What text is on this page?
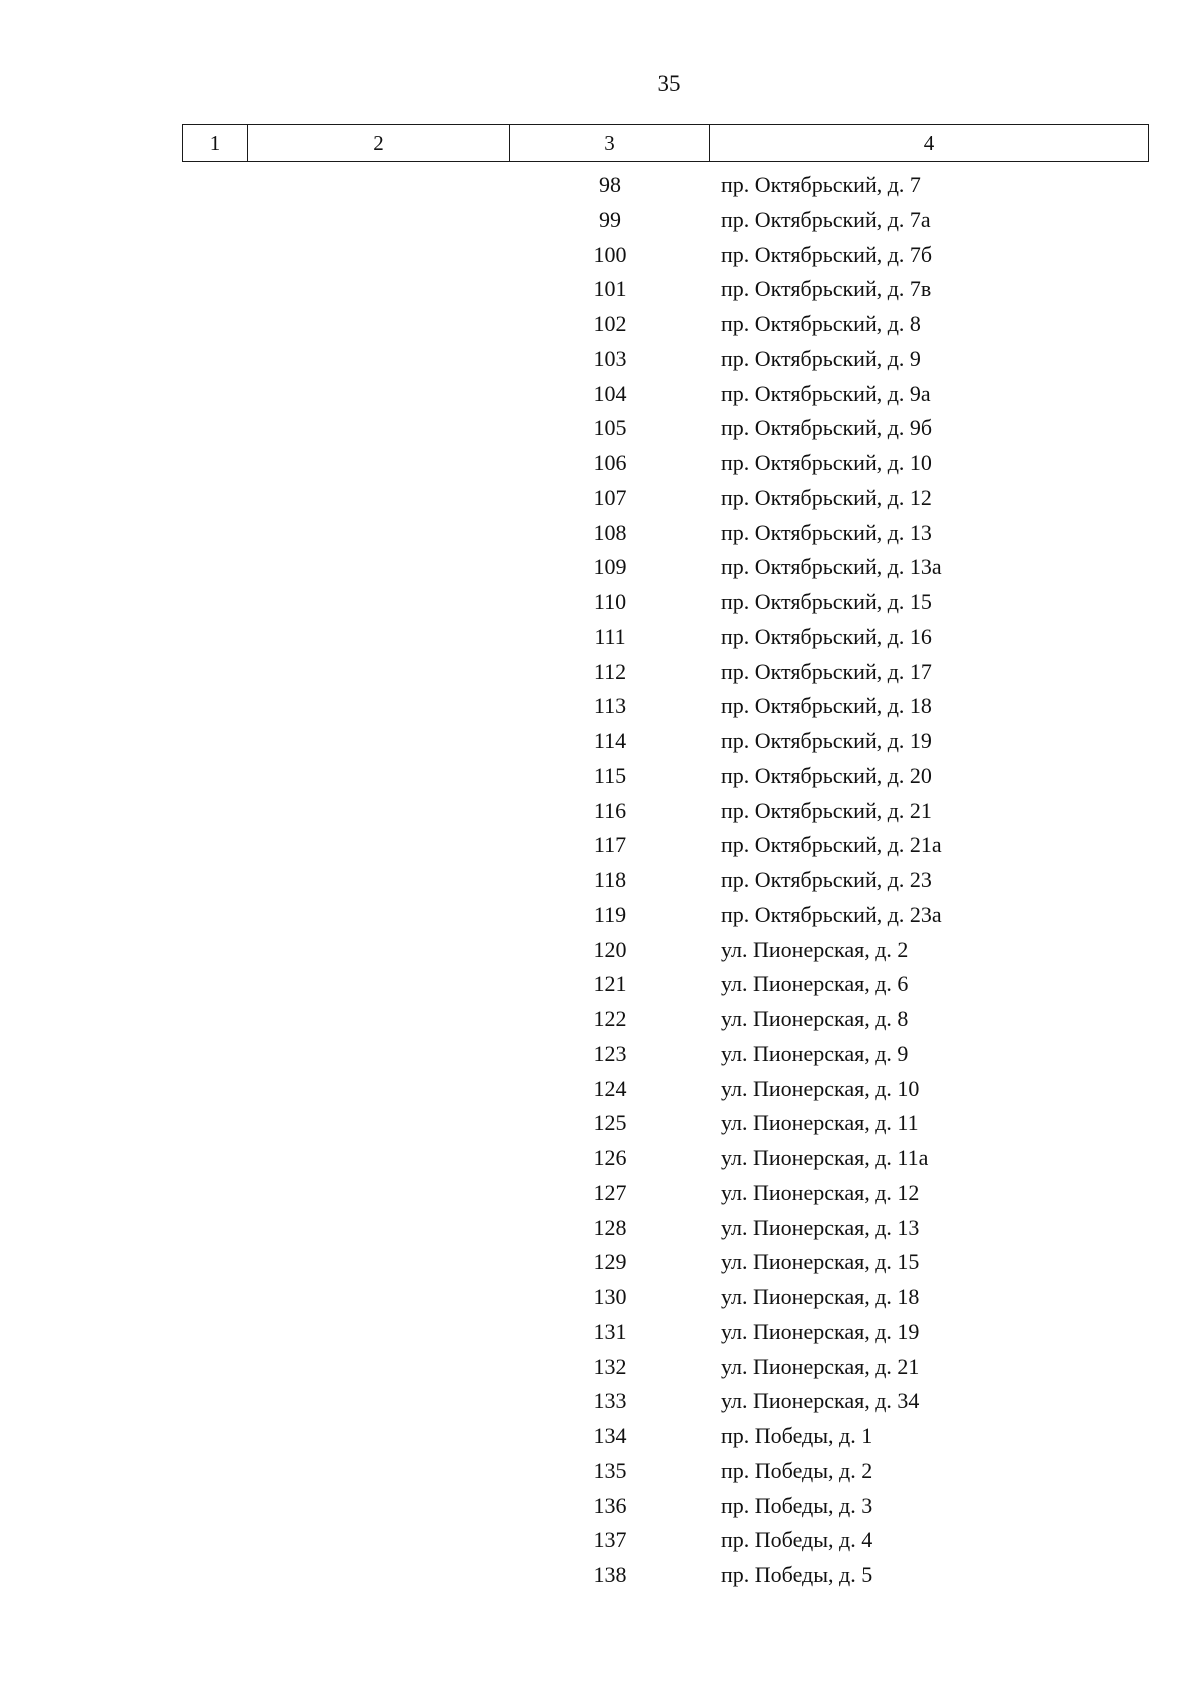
35
1	2	3	4
98	пр. Октябрьский, д. 7
99	пр. Октябрьский, д. 7а
100	пр. Октябрьский, д. 7б
101	пр. Октябрьский, д. 7в
102	пр. Октябрьский, д. 8
103	пр. Октябрьский, д. 9
104	пр. Октябрьский, д. 9а
105	пр. Октябрьский, д. 9б
106	пр. Октябрьский, д. 10
107	пр. Октябрьский, д. 12
108	пр. Октябрьский, д. 13
109	пр. Октябрьский, д. 13а
110	пр. Октябрьский, д. 15
111	пр. Октябрьский, д. 16
112	пр. Октябрьский, д. 17
113	пр. Октябрьский, д. 18
114	пр. Октябрьский, д. 19
115	пр. Октябрьский, д. 20
116	пр. Октябрьский, д. 21
117	пр. Октябрьский, д. 21а
118	пр. Октябрьский, д. 23
119	пр. Октябрьский, д. 23а
120	ул. Пионерская, д. 2
121	ул. Пионерская, д. 6
122	ул. Пионерская, д. 8
123	ул. Пионерская, д. 9
124	ул. Пионерская, д. 10
125	ул. Пионерская, д. 11
126	ул. Пионерская, д. 11а
127	ул. Пионерская, д. 12
128	ул. Пионерская, д. 13
129	ул. Пионерская, д. 15
130	ул. Пионерская, д. 18
131	ул. Пионерская, д. 19
132	ул. Пионерская, д. 21
133	ул. Пионерская, д. 34
134	пр. Победы, д. 1
135	пр. Победы, д. 2
136	пр. Победы, д. 3
137	пр. Победы, д. 4
138	пр. Победы, д. 5
